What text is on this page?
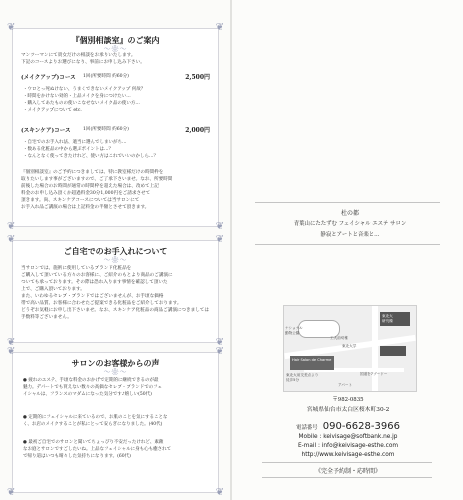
❦	❦
❦	❦
『個別相談室』のご案内
〜❀〜
マンツーマンにて貴女だけの相談をお承りいたします。
下記のコースよりお選びになり、事前にお申し込み下さい。
(メイクアップ)コース	1回(所要時間 約60分)	2,500円
・ウロとっ死ぬけない、うまくできないメイクアップ 何故？
・時間をかけない効的・上品メイクを身につけたい…
・購入してあたものの使いこなせないメイク品の使い方…
・メイクアップについて etc.
(スキンケア)コース	1回(所要時間 約60分)	2,000円
・自宅でのお手入れ法、適当に選んでしまいがち…
・数ある化粧品の中から選ぶポイントは…？
・なんとなく使ってきたけれど、使い方はこれでいいのかしら…？
『個別相談室』のご予約につきましては、特に教室様だけの時間枠を
取りたいします事がございますので、ご了承下さいませ。なお、所要時間
前後した場合のお時間が通常の時間枠を超えた場合は、改めて上記
料金のお申し込み頂くか超過料金30分1,000円をご請求させて
頂きます。尚、スキンケアコースについては当サロンにて
お手入れ品ご講演の場合は上記料金の半額とさせて頂きます。
❦	❦
❦	❦
ご自宅でのお手入れについて
〜❀〜
当サロンでは、施術に使用しているブランド化粧品を
ご購入して頂いている方々のお客様に、ご紹介のもとより商品のご講演に
ついても承っております。その際は恐れ入ります事情を確認して頂いた
上で、ご購入頂いております。
また、いわゆるセレブ・ブランドではございませんが、お手頃な価格
帯で高い品質、お客様に合わせたご提案できる化粧品をご紹介しております。
どうぞお気軽にお申し出下さいませ。なお、スキンケア化粧品の商品ご講演につきましては
手数料等ございません。
❦	❦
❦	❦
サロンのお客様からの声
〜❀〜
● 疲れのエステ、手頃な料金のおかげで定期的に継続できるのが最
魅力。デパートでも買えない数々の高価なセレブ・ブランドでのフェ
イシャルは、フランスのマダムになった気分です♪嬉しい(50代)
● 定期的にフェイシャルに来ているので、お肌のことを気にすることな
く、お店のメイクすることが私にとって安らぎになりました。(40代)
● 最初ご自宅でのサロンと聞いてちょっぴり不安だったけれど、素敵
なお庭とサロンですごしたいね。上品なフェイシャルに身も心も癒されて
で帰り道はいつも晴々した気持ちになります。(60代)
杜の都
青葉山にたたずむ フェイシャル エステ サロン
静寂とアートと音楽と…
Hair Salon de Charme
ナショナル
動物公園
東北大学
工大前幼稚
東北大
研究棟
東北大前交差点より
徒歩5分
国道を7ブードー
アパート
〒982-0835
宮城県仙台市太白区桜木町30-2
電話番号 090-6628-3966
Mobile : keivisage@softbank.ne.jp
E-mail : info@keivisage-esthe.com
http://www.keivisage-esthe.com
《完全予約制・応時間》
